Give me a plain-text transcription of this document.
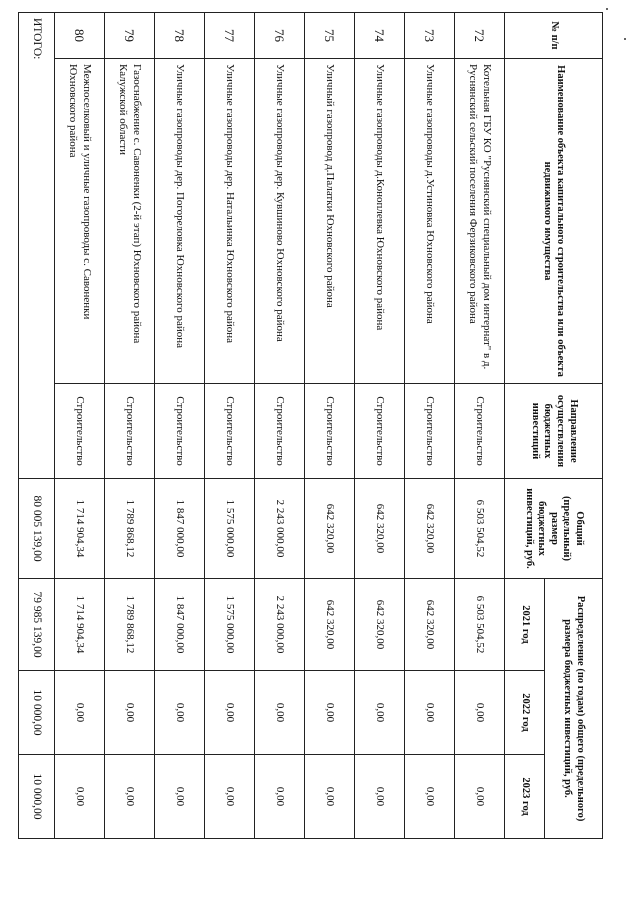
№ п/п	Наименование объекта капитального строительства или объекта недвижимого имущества	Направление осуществления бюджетных инвестиций	Общий (предельный) размер бюджетных инвестиций, руб.	Распределение (по годам) общего (предельного) размера бюджетных инвестиций, руб.		
				2021 год	2022 год	2023 год
72	Котельная ГБУ КО "Руснянский специальный дом интернат" в д. Руснянский сельский поселения Ферзиковского района	Строительство	6 503 504,52	6 503 504,52	0,00	0,00
73	Уличные газопроводы д.Устиновка Юхновского района	Строительство	642 320,00	642 320,00	0,00	0,00
74	Уличные газопроводы д.Коноплевка Юхновского района	Строительство	642 320,00	642 320,00	0,00	0,00
75	Уличный газопровод д.Палатки Юхновского района	Строительство	642 320,00	642 320,00	0,00	0,00
76	Уличные газопроводы дер. Кувшиново Юхновского района	Строительство	2 243 000,00	2 243 000,00	0,00	0,00
77	Уличные газопроводы дер. Натальинка Юхновского района	Строительство	1 575 000,00	1 575 000,00	0,00	0,00
78	Уличные газопроводы дер. Погореловка Юхновского района	Строительство	1 847 000,00	1 847 000,00	0,00	0,00
79	Газоснабжение с. Савоненки (2-й этап) Юхновского района Калужской области	Строительство	1 789 868,12	1 789 868,12	0,00	0,00
80	Межпоселковый и уличные газопроводы с. Савоненки Юхновского района	Строительство	1 714 904,34	1 714 904,34	0,00	0,00
ИТОГО:			80 005 139,00	79 985 139,00	10 000,00	10 000,00
